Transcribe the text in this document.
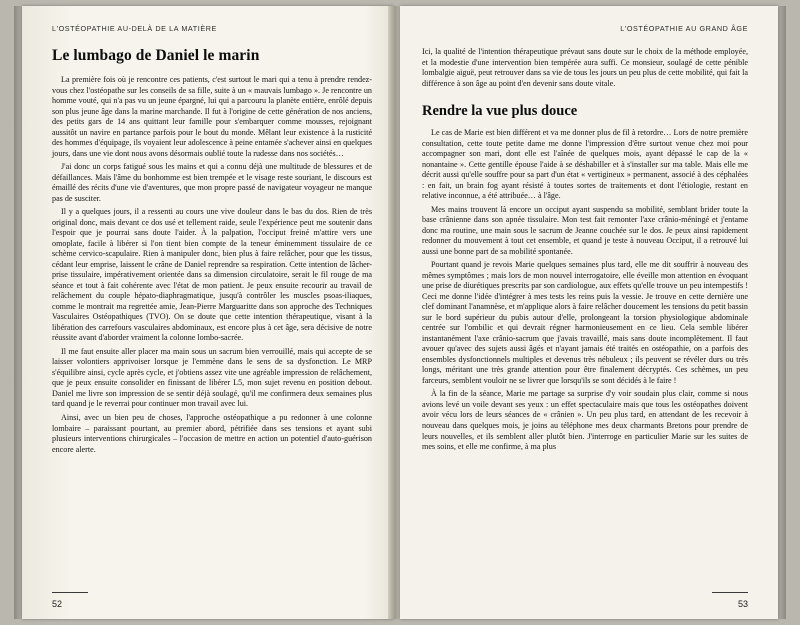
L'OSTÉOPATHIE AU-DELÀ DE LA MATIÈRE
Le lumbago de Daniel le marin

La première fois où je rencontre ces patients, c'est surtout le mari qui a tenu à prendre rendez-vous chez l'ostéopathe sur les conseils de sa fille, suite à un « mauvais lumbago ». Je rencontre un homme vouté, qui n'a pas vu un jeune épargné, lui qui a parcouru la planète entière, enrôlé depuis son plus jeune âge dans la marine marchande. Il fut à l'origine de cette génération de nos anciens, des petits gars de 14 ans quittant leur famille pour s'embarquer comme mousses, rejoignant aussitôt un navire en partance parfois pour le bout du monde. Mêlant leur existence à la rusticité des hommes d'équipage, ils voyaient leur adolescence à peine entamée s'achever ainsi en quelques jours, dans une vie dont nous avons désormais oublié toute la rudesse dans nos sociétés…

J'ai donc un corps fatigué sous les mains et qui a connu déjà une multitude de blessures et de défaillances. Mais l'âme du bonhomme est bien trempée et le visage reste souriant, le discours est émaillé des récits d'une vie d'aventures, que mon propre passé de navigateur voyageur ne manque pas de susciter.

Il y a quelques jours, il a ressenti au cours une vive douleur dans le bas du dos. Rien de très original donc, mais devant ce dos usé et tellement raide, seule l'expérience peut me soutenir dans l'espoir que je pourrai sans doute l'aider. À la palpation, l'occiput freiné m'attire vers une omoplate, facile à libérer si l'on tient bien compte de la teneur éminemment tissulaire de ce schème cervico-scapulaire. Rien à manipuler donc, bien plus à faire relâcher, pour que les tissus, cédant leur emprise, laissent le crâne de Daniel reprendre sa respiration. Cette intention de lâcher-prise tissulaire, impérativement orientée dans sa dimension circulatoire, serait le fil rouge de ma séance et tout à fait cohérente avec l'état de mon patient. Je peux ensuite recourir au travail de relâchement du couple hépato-diaphragmatique, jusqu'à contrôler les muscles psoas-iliaques, comme le montrait ma regrettée amie, Jean-Pierre Marguaritte dans son approche des Techniques Vasculaires Ostéopathiques (TVO). On se doute que cette intention thérapeutique, visant à la libération des carrefours vasculaires abdominaux, est encore plus à cet âge, sera décisive de notre réussite avant d'aborder vraiment la colonne lombo-sacrée.

Il me faut ensuite aller placer ma main sous un sacrum bien verrouillé, mais qui accepte de se laisser volontiers apprivoiser lorsque je l'emmène dans le sens de sa dysfonction. Le MRP s'équilibre ainsi, cycle après cycle, et j'obtiens assez vite une agréable impression de relâchement, que je peux ensuite consolider en finissant de libérer L5, mon sujet revenu en position debout. Daniel me livre son impression de se sentir déjà soulagé, qu'il me confirmera deux semaines plus tard quand je le reverrai pour continuer mon travail avec lui.

Ainsi, avec un bien peu de choses, l'approche ostéopathique a pu redonner à une colonne lombaire – paraissant pourtant, au premier abord, pétrifiée dans ses tensions et ayant subi plusieurs interventions chirurgicales – l'occasion de mettre en action un potentiel d'auto-guérison encore alerte.

52
L'OSTÉOPATHIE AU GRAND ÂGE

Ici, la qualité de l'intention thérapeutique prévaut sans doute sur le choix de la méthode employée, et la modestie d'une intervention bien tempérée aura suffi. Ce monsieur, soulagé de cette pénible lombalgie aiguë, peut retrouver dans sa vie de tous les jours un peu plus de cette mobilité, qui fait la différence à son âge au point d'en devenir sans doute vitale.

Rendre la vue plus douce

Le cas de Marie est bien différent et va me donner plus de fil à retordre… Lors de notre première consultation, cette toute petite dame me donne l'impression d'être surtout venue chez moi pour accompagner son mari, dont elle est l'aînée de quelques mois, ayant dépassé le cap de la « nonantaine ». Cette gentille épouse l'aide à se déshabiller et à s'installer sur ma table. Mais elle me décrit aussi qu'elle souffre pour sa part d'un état « vertigineux » permanent, associé à des céphalées : en fait, un brain fog ayant résisté à toutes sortes de traitements et dont l'étiologie, restant en relative inconnue, a été attribuée… à l'âge.

Mes mains trouvent là encore un occiput ayant suspendu sa mobilité, semblant brider toute la base crânienne dans son apnée tissulaire. Mon test fait remonter l'axe crânio-méningé et j'entame donc ma routine, une main sous le sacrum de Jeanne couchée sur le dos. Je peux ainsi rapidement redonner du mouvement à tout cet ensemble, et quand je teste à nouveau Occiput, il a retrouvé lui aussi une bonne part de sa mobilité spontanée.

Pourtant quand je revois Marie quelques semaines plus tard, elle me dit souffrir à nouveau des mêmes symptômes ; mais lors de mon nouvel interrogatoire, elle éveille mon attention en évoquant une prise de diurétiques prescrits par son cardiologue, aux effets qu'elle trouve un peu intempestifs ! Ceci me donne l'idée d'intégrer à mes tests les reins puis la vessie. Je trouve en cette dernière une clef dominant l'anamnèse, et m'applique alors à faire relâcher doucement les tensions du petit bassin sur le bord supérieur du pubis autour d'elle, prolongeant la torsion physiologique abdominale centrée sur l'ombilic et qui devrait régner harmonieusement en ce lieu. Cela semble libérer instantanément l'axe crânio-sacrum que j'avais travaillé, mais sans doute incomplètement. Il faut avouer qu'avec des sujets aussi âgés et n'ayant jamais été traités en ostéopathie, on a parfois des ensembles dysfonctionnels multiples et devenus très nébuleux ; ils peuvent se révéler durs ou très longs, méritant une très grande attention pour être finalement décryptés. Ces schèmes, un peu farceurs, semblent vouloir ne se livrer que lorsqu'ils se sont décidés à le faire !

À la fin de la séance, Marie me partage sa surprise d'y voir soudain plus clair, comme si nous avions levé un voile devant ses yeux : un effet spectaculaire mais que tous les ostéopathes doivent avoir vécu lors de leurs séances de « crânien ». Un peu plus tard, en attendant de les recevoir à nouveau dans quelques mois, je joins au téléphone mes deux charmants Bretons pour prendre de leurs nouvelles, et ils semblent aller plutôt bien. J'interroge en particulier Marie sur les suites de mes soins, et elle me confirme, à ma plus

53
